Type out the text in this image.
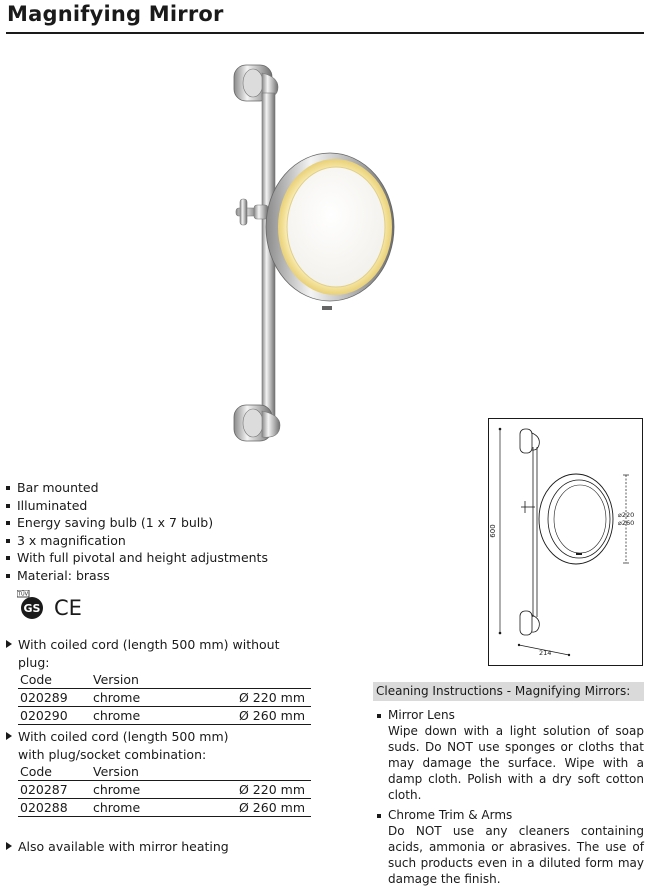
Magnifying Mirror
Bar mounted
Illuminated
Energy saving bulb (1 x 7 bulb)
3 x magnification
With full pivotal and height adjustments
Material: brass
TÜV
GS CE
With coiled cord (length 500 mm) without plug:
Code	Version	
020289	chrome	Ø 220 mm
020290	chrome	Ø 260 mm
With coiled cord (length 500 mm) with plug/socket combination:
Code	Version	
020287	chrome	Ø 220 mm
020288	chrome	Ø 260 mm
Also available with mirror heating
600
⌀220
⌀260
214
Cleaning Instructions - Magnifying Mirrors:
Mirror Lens
Wipe down with a light solution of soap suds. Do NOT use sponges or cloths that may damage the surface. Wipe with a damp cloth. Polish with a dry soft cotton cloth.
Chrome Trim & Arms
Do NOT use any cleaners containing acids, ammonia or abrasives. The use of such products even in a diluted form may damage the finish.
